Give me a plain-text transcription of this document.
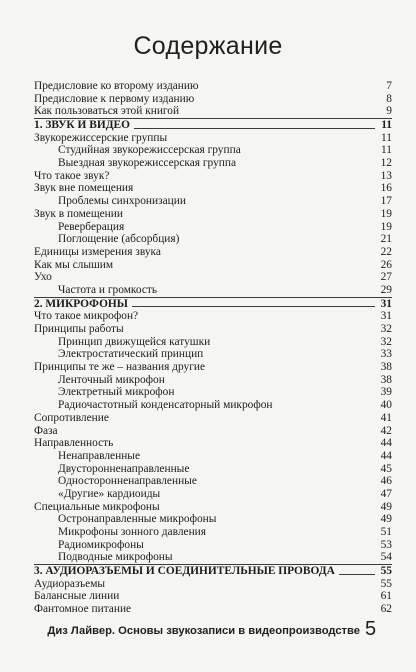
Содержание
Предисловие ко второму изданию	7
Предисловие к первому изданию	8
Как пользоваться этой книгой	9
1. ЗВУК И ВИДЕО	11
Звукорежиссерские группы	11
Студийная звукорежиссерская группа	11
Выездная звукорежиссерская группа	12
Что такое звук?	13
Звук вне помещения	16
Проблемы синхронизации	17
Звук в помещении	19
Реверберация	19
Поглощение (абсорбция)	21
Единицы измерения звука	22
Как мы слышим	26
Ухо	27
Частота и громкость	29
2. МИКРОФОНЫ	31
Что такое микрофон?	31
Принципы работы	32
Принцип движущейся катушки	32
Электростатический принцип	33
Принципы те же – названия другие	38
Ленточный микрофон	38
Электретный микрофон	39
Радиочастотный конденсаторный микрофон	40
Сопротивление	41
Фаза	42
Направленность	44
Ненаправленные	44
Двусторонненаправленные	45
Односторонненаправленные	46
«Другие» кардиоиды	47
Специальные микрофоны	49
Остронаправленные микрофоны	49
Микрофоны зонного давления	51
Радиомикрофоны	53
Подводные микрофоны	54
3. АУДИОРАЗЪЕМЫ И СОЕДИНИТЕЛЬНЫЕ ПРОВОДА	55
Аудиоразъемы	55
Балансные линии	61
Фантомное питание	62
Диз Лайвер. Основы звукозаписи в видеопроизводстве 5
